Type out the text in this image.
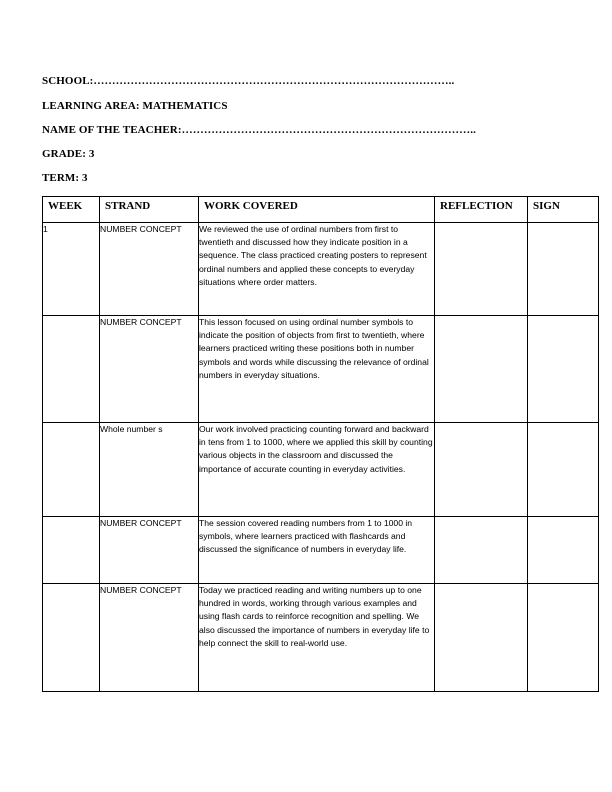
SCHOOL:……………………………………………………………………………………..
LEARNING AREA: MATHEMATICS
NAME OF THE TEACHER:……………………………………………………………………..
GRADE: 3
TERM: 3
WEEK	STRAND	WORK COVERED	REFLECTION	SIGN
1	NUMBER CONCEPT	We reviewed the use of ordinal numbers from first to twentieth and discussed how they indicate position in a sequence. The class practiced creating posters to represent ordinal numbers and applied these concepts to everyday situations where order matters.		
	NUMBER CONCEPT	This lesson focused on using ordinal number symbols to indicate the position of objects from first to twentieth, where learners practiced writing these positions both in number symbols and words while discussing the relevance of ordinal numbers in everyday situations.		
	Whole number s	Our work involved practicing counting forward and backward in tens from 1 to 1000, where we applied this skill by counting various objects in the classroom and discussed the importance of accurate counting in everyday activities.		
	NUMBER CONCEPT	The session covered reading numbers from 1 to 1000 in symbols, where learners practiced with flashcards and discussed the significance of numbers in everyday life.		
	NUMBER CONCEPT	Today we practiced reading and writing numbers up to one hundred in words, working through various examples and using flash cards to reinforce recognition and spelling. We also discussed the importance of numbers in everyday life to help connect the skill to real-world use.		
